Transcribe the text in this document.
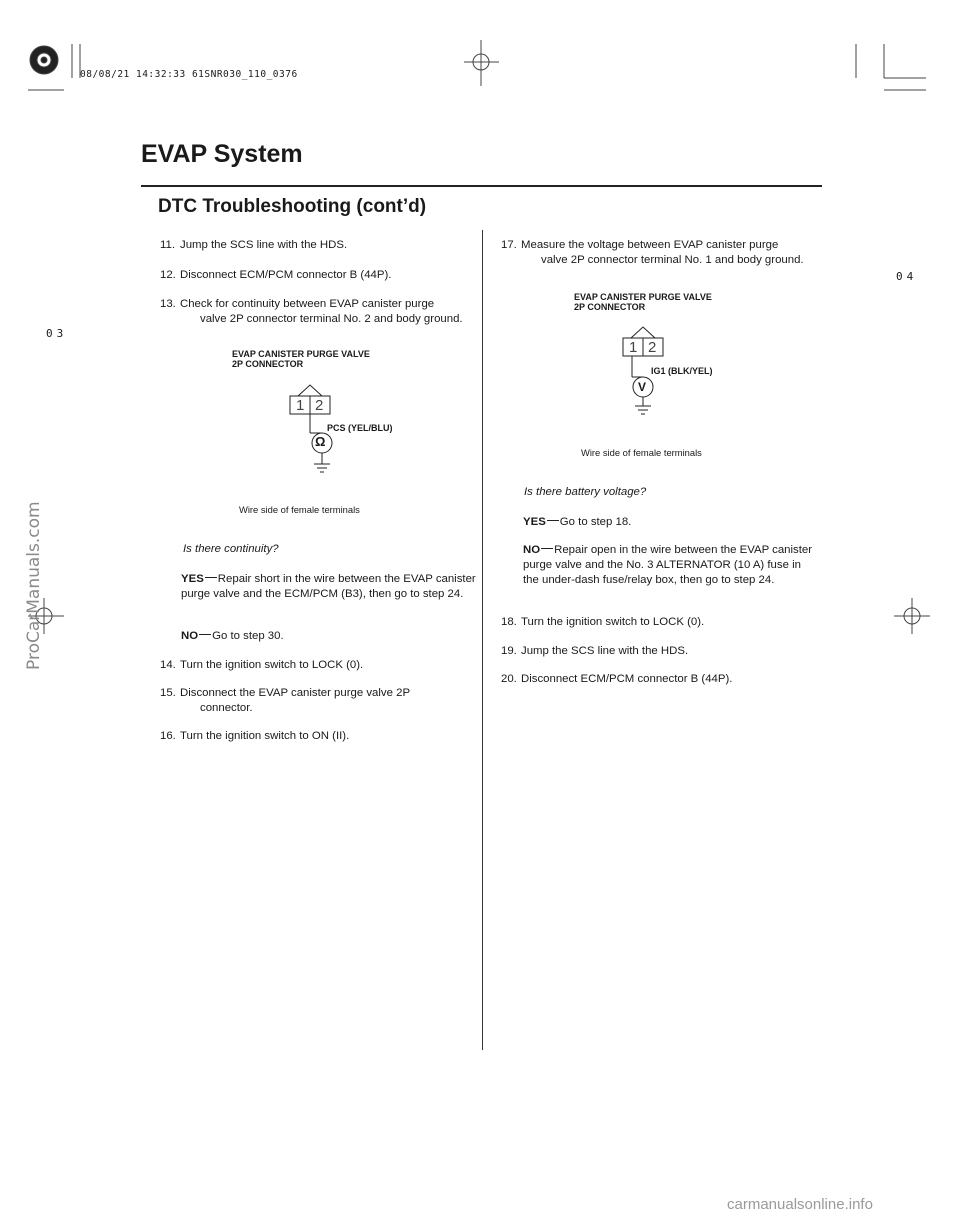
08/08/21 14:32:33 61SNR030_110_0376
03
04
EVAP System
DTC Troubleshooting (cont’d)
11. Jump the SCS line with the HDS.
12. Disconnect ECM/PCM connector B (44P).
13. Check for continuity between EVAP canister purge
valve 2P connector terminal No. 2 and body ground.
EVAP CANISTER PURGE VALVE
2P CONNECTOR
1 2
Ω
PCS (YEL/BLU)
Wire side of female terminals
Is there continuity?
YES Repair short in the wire between the EVAP canister purge valve and the ECM/PCM (B3), then go to step 24.
NO Go to step 30.
14. Turn the ignition switch to LOCK (0).
15. Disconnect the EVAP canister purge valve 2P
connector.
16. Turn the ignition switch to ON (II).
17. Measure the voltage between EVAP canister purge
valve 2P connector terminal No. 1 and body ground.
EVAP CANISTER PURGE VALVE
2P CONNECTOR
1 2
V
IG1 (BLK/YEL)
Wire side of female terminals
Is there battery voltage?
YES Go to step 18.
NO Repair open in the wire between the EVAP canister purge valve and the No. 3 ALTERNATOR (10 A) fuse in the under-dash fuse/relay box, then go to step 24.
18. Turn the ignition switch to LOCK (0).
19. Jump the SCS line with the HDS.
20. Disconnect ECM/PCM connector B (44P).
ProCarManuals.com
carmanualsonline.info
